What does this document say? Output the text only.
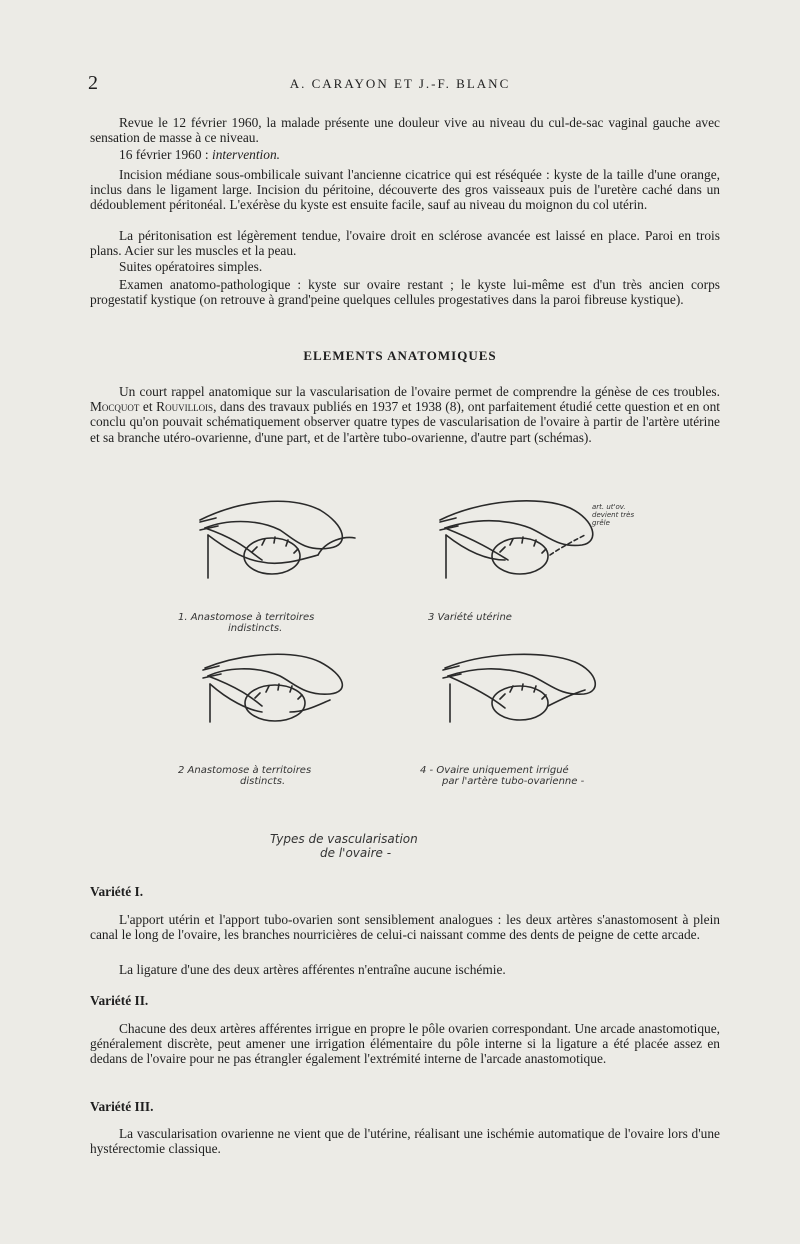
2	A. CARAYON ET J.-F. BLANC

Revue le 12 février 1960, la malade présente une douleur vive au niveau du cul-de-sac vaginal gauche avec sensation de masse à ce niveau.

16 février 1960 : intervention.

Incision médiane sous-ombilicale suivant l'ancienne cicatrice qui est réséquée : kyste de la taille d'une orange, inclus dans le ligament large. Incision du péritoine, découverte des gros vaisseaux puis de l'uretère caché dans un dédoublement péritonéal. L'exérèse du kyste est ensuite facile, sauf au niveau du moignon du col utérin.

La péritonisation est légèrement tendue, l'ovaire droit en sclérose avancée est laissé en place. Paroi en trois plans. Acier sur les muscles et la peau.

Suites opératoires simples.

Examen anatomo-pathologique : kyste sur ovaire restant ; le kyste lui-même est d'un très ancien corps progestatif kystique (on retrouve à grand'peine quelques cellules progestatives dans la paroi fibreuse kystique).

ELEMENTS ANATOMIQUES

Un court rappel anatomique sur la vascularisation de l'ovaire permet de comprendre la génèse de ces troubles. Mocquot et Rouvillois, dans des travaux publiés en 1937 et 1938 (8), ont parfaitement étudié cette question et en ont conclu qu'on pouvait schématiquement observer quatre types de vascularisation de l'ovaire à partir de l'artère utérine et sa branche utéro-ovarienne, d'une part, et de l'artère tubo-ovarienne, d'autre part (schémas).

art. ut'ov.
devient très
grêle
1. Anastomose à territoires
indistincts.
3 Variété utérine
2 Anastomose à territoires
distincts.
4 - Ovaire uniquement irrigué
par l'artère tubo-ovarienne -
Types de vascularisation
de l'ovaire -
Variété I.

L'apport utérin et l'apport tubo-ovarien sont sensiblement analogues : les deux artères s'anastomosent à plein canal le long de l'ovaire, les branches nourricières de celui-ci naissant comme des dents de peigne de cette arcade.

La ligature d'une des deux artères afférentes n'entraîne aucune ischémie.

Variété II.

Chacune des deux artères afférentes irrigue en propre le pôle ovarien correspondant. Une arcade anastomotique, généralement discrète, peut amener une irrigation élémentaire du pôle interne si la ligature a été placée assez en dedans de l'ovaire pour ne pas étrangler également l'extrémité interne de l'arcade anastomotique.

Variété III.

La vascularisation ovarienne ne vient que de l'utérine, réalisant une ischémie automatique de l'ovaire lors d'une hystérectomie classique.
